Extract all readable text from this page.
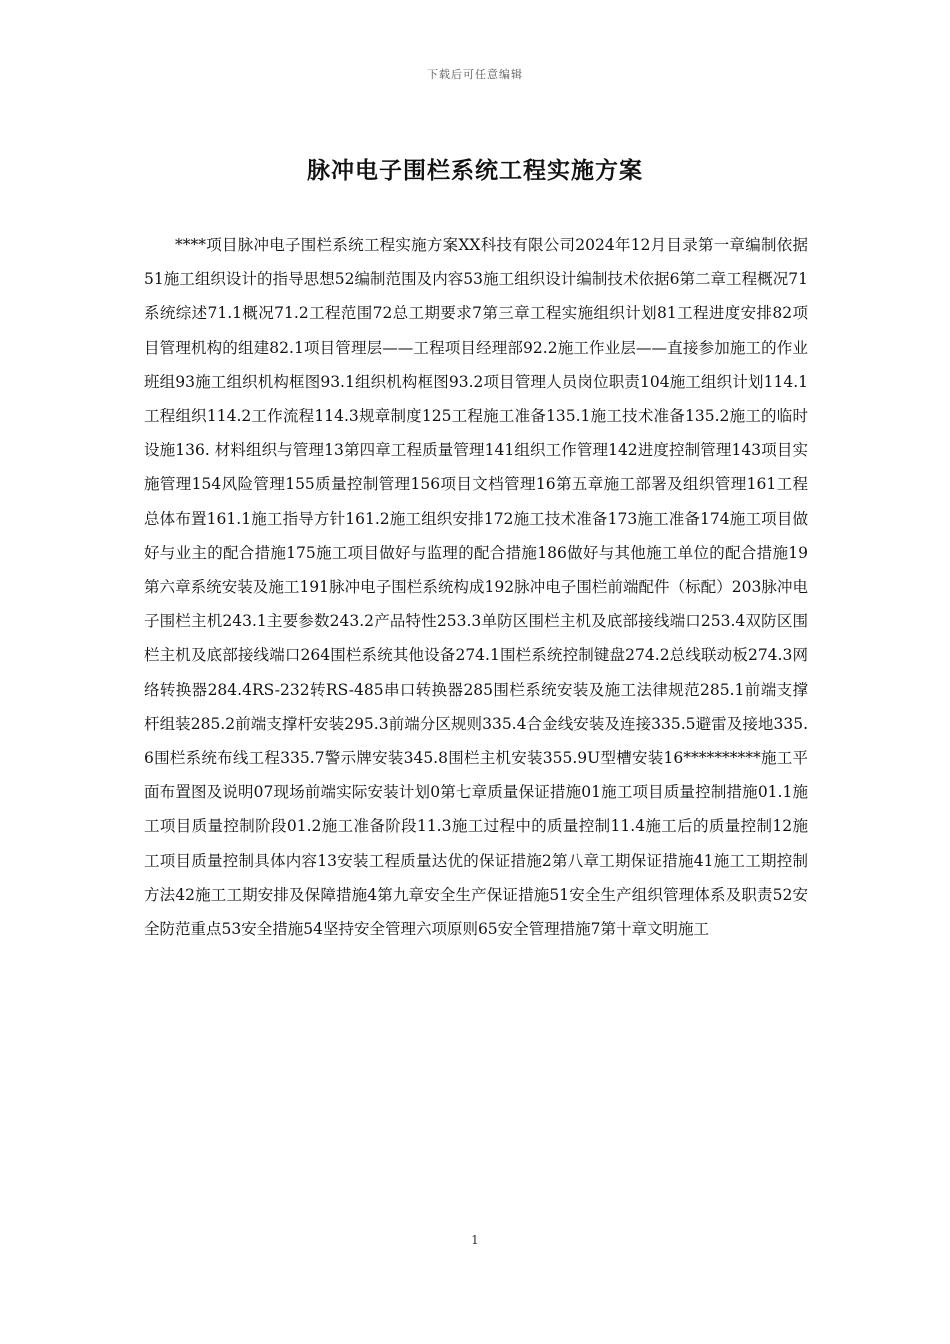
下载后可任意编辑
脉冲电子围栏系统工程实施方案

****项目脉冲电子围栏系统工程实施方案XX科技有限公司2024年12月目录第一章编制依据51施工组织设计的指导思想52编制范围及内容53施工组织设计编制技术依据6第二章工程概况71系统综述71.1概况71.2工程范围72总工期要求7第三章工程实施组织计划81工程进度安排82项目管理机构的组建82.1项目管理层——工程项目经理部92.2施工作业层——直接参加施工的作业班组93施工组织机构框图93.1组织机构框图93.2项目管理人员岗位职责104施工组织计划114.1工程组织114.2工作流程114.3规章制度125工程施工准备135.1施工技术准备135.2施工的临时设施136. 材料组织与管理13第四章工程质量管理141组织工作管理142进度控制管理143项目实施管理154风险管理155质量控制管理156项目文档管理16第五章施工部署及组织管理161工程总体布置161.1施工指导方针161.2施工组织安排172施工技术准备173施工准备174施工项目做好与业主的配合措施175施工项目做好与监理的配合措施186做好与其他施工单位的配合措施19第六章系统安装及施工191脉冲电子围栏系统构成192脉冲电子围栏前端配件（标配）203脉冲电子围栏主机243.1主要参数243.2产品特性253.3单防区围栏主机及底部接线端口253.4双防区围栏主机及底部接线端口264围栏系统其他设备274.1围栏系统控制键盘274.2总线联动板274.3网络转换器284.4RS-232转RS-485串口转换器285围栏系统安装及施工法律规范285.1前端支撑杆组装285.2前端支撑杆安装295.3前端分区规则335.4合金线安装及连接335.5避雷及接地335.6围栏系统布线工程335.7警示牌安装345.8围栏主机安装355.9U型槽安装16**********施工平面布置图及说明07现场前端实际安装计划0第七章质量保证措施01施工项目质量控制措施01.1施工项目质量控制阶段01.2施工准备阶段11.3施工过程中的质量控制11.4施工后的质量控制12施工项目质量控制具体内容13安装工程质量达优的保证措施2第八章工期保证措施41施工工期控制方法42施工工期安排及保障措施4第九章安全生产保证措施51安全生产组织管理体系及职责52安全防范重点53安全措施54坚持安全管理六项原则65安全管理措施7第十章文明施工

1
